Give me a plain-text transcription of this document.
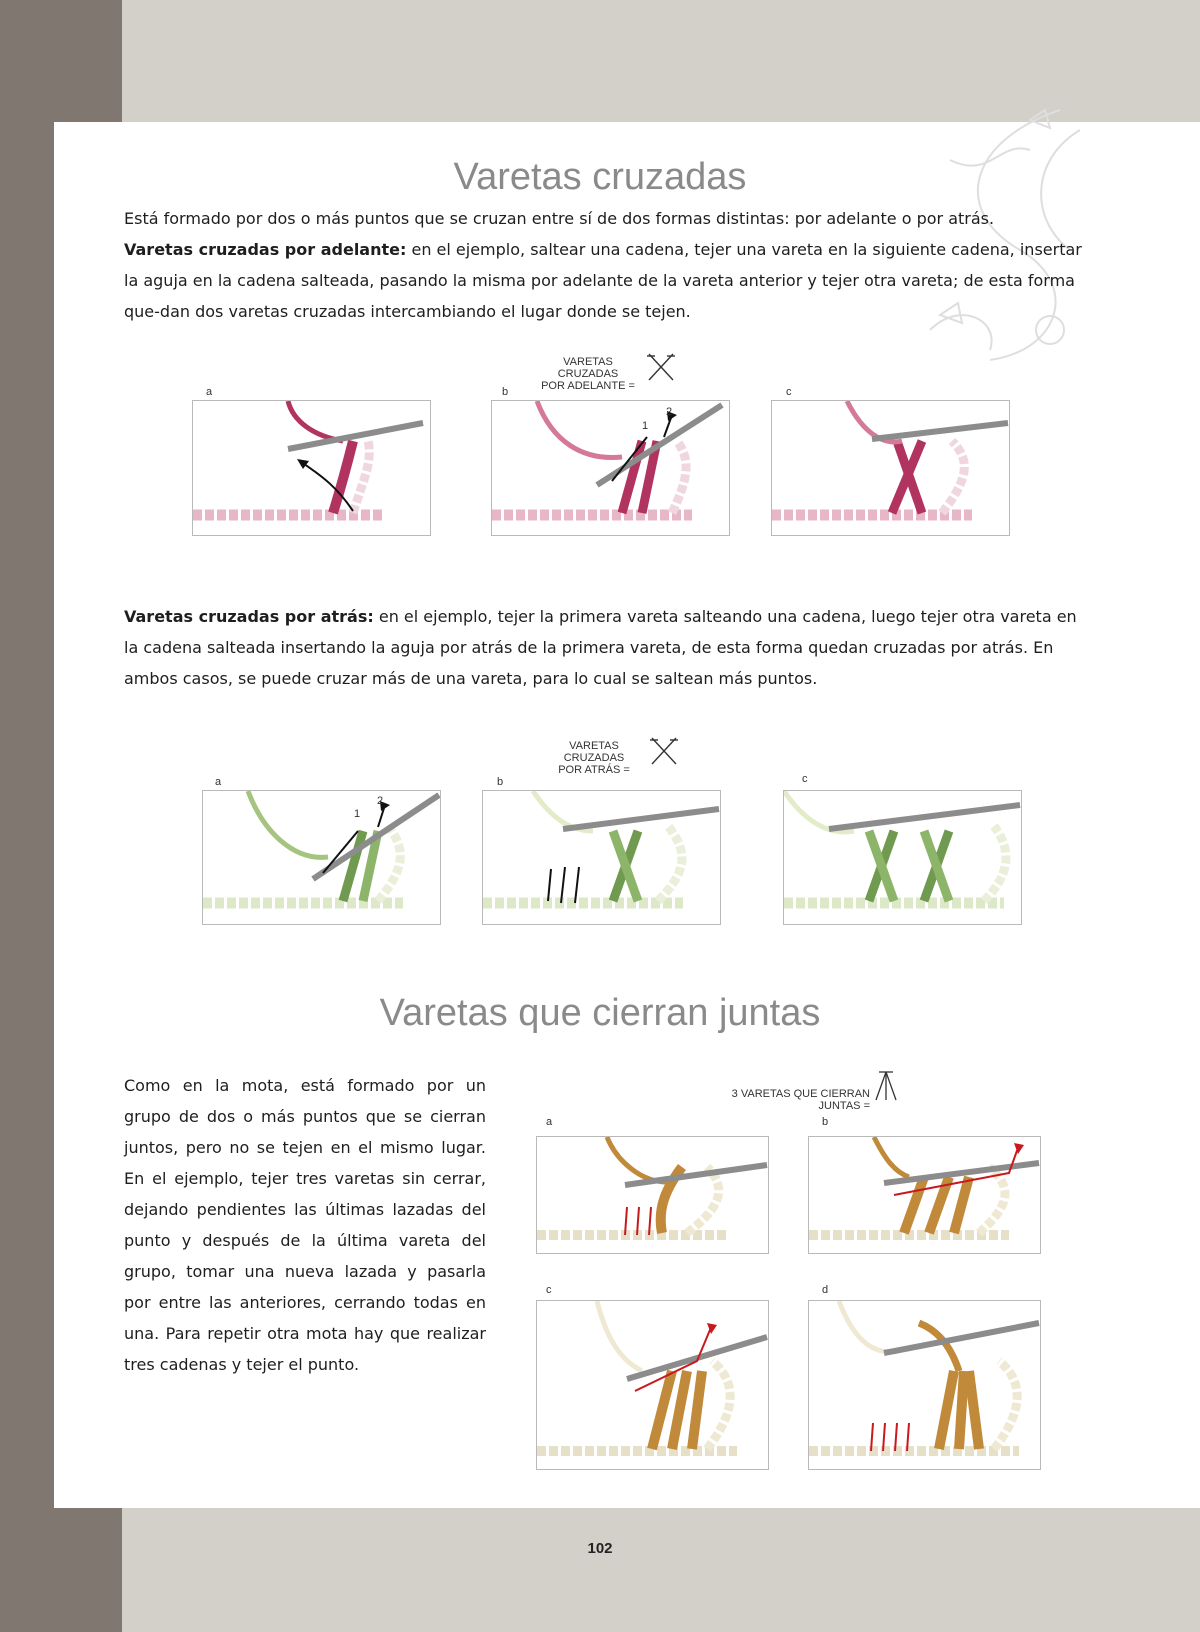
Varetas cruzadas

Está formado por dos o más puntos que se cruzan entre sí de dos formas distintas: por adelante o por atrás.
Varetas cruzadas por adelante: en el ejemplo, saltear una cadena, tejer una vareta en la siguiente cadena, insertar la aguja en la cadena salteada, pasando la misma por adelante de la vareta anterior y tejer otra vareta; de esta forma que-dan dos varetas cruzadas intercambiando el lugar donde se tejen.

VARETAS CRUZADAS
POR ADELANTE =
a	b	c
1
2

Varetas cruzadas por atrás: en el ejemplo, tejer la primera vareta salteando una cadena, luego tejer otra vareta en la cadena salteada insertando la aguja por atrás de la primera vareta, de esta forma quedan cruzadas por atrás. En ambos casos, se puede cruzar más de una vareta, para lo cual se saltean más puntos.

VARETAS CRUZADAS
POR ATRÁS =
a	b	c
1
2
Varetas que cierran juntas

Como en la mota, está formado por un grupo de dos o más puntos que se cierran juntos, pero no se tejen en el mismo lugar. En el ejemplo, tejer tres varetas sin cerrar, dejando pendientes las últimas lazadas del punto y después de la última vareta del grupo, tomar una nueva lazada y pasarla por entre las anteriores, cerrando todas en una. Para repetir otra mota hay que realizar tres cadenas y tejer el punto.

3 VARETAS QUE CIERRAN JUNTAS =
a	b
c	d
102
